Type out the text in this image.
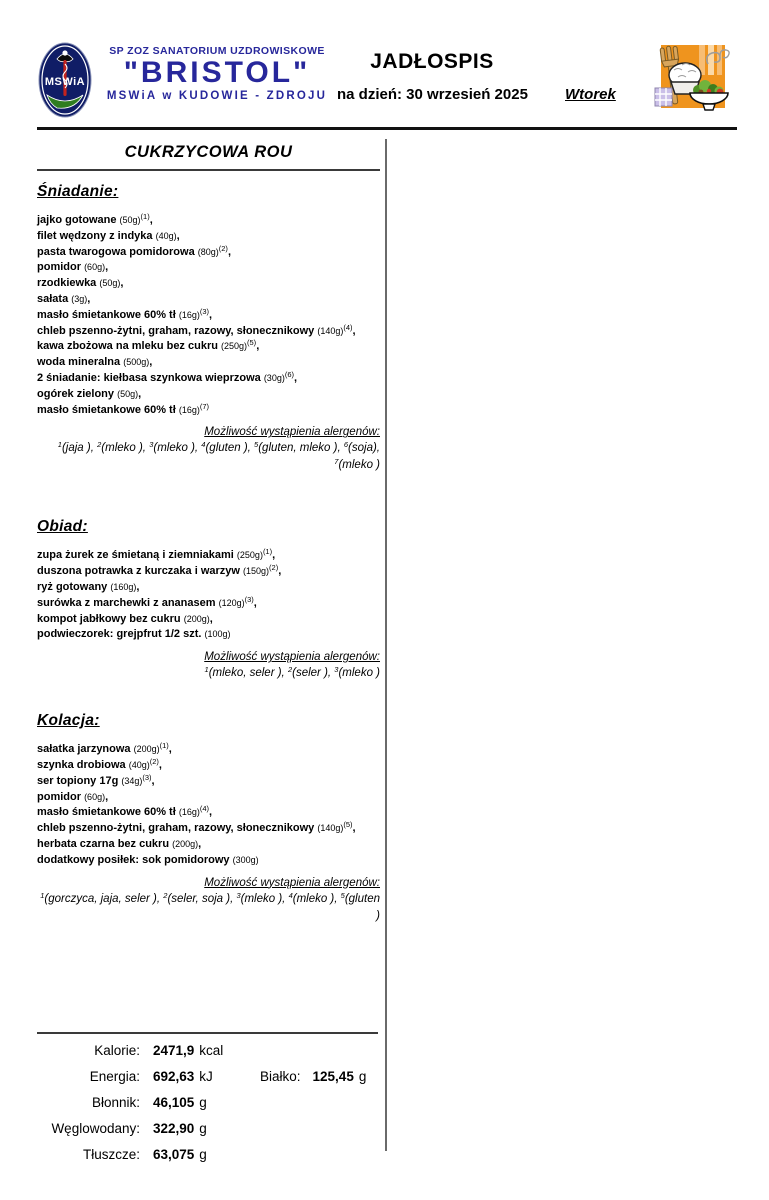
MSWiA
SP ZOZ SANATORIUM UZDROWISKOWE
"BRISTOL"
MSWiA w KUDOWIE - ZDROJU
JADŁOSPIS
na dzień: 30 wrzesień 2025 Wtorek
CUKRZYCOWA ROU
Śniadanie:
jajko gotowane $(50g)^{(1)}$,
filet wędzony z indyka (40g),
pasta twarogowa pomidorowa $(80g)^{(2)}$,
pomidor (60g),
rzodkiewka (50g),
sałata (3g),
masło śmietankowe 60% tł $(16g)^{(3)}$,
chleb pszenno-żytni, graham, razowy, słonecznikowy $(140g)^{(4)}$,
kawa zbożowa na mleku bez cukru $(250g)^{(5)}$,
woda mineralna (500g),
2 śniadanie: kiełbasa szynkowa wieprzowa $(30g)^{(6)}$,
ogórek zielony (50g),
masło śmietankowe 60% tł $(16g)^{(7)}$
Możliwość wystąpienia alergenów:
$^1$(jaja ), $^2$(mleko ), $^3$(mleko ), $^4$(gluten ), $^5$(gluten, mleko ), $^6$(soja), $^7$(mleko )
Obiad:
zupa żurek ze śmietaną i ziemniakami $(250g)^{(1)}$,
duszona potrawka z kurczaka i warzyw $(150g)^{(2)}$,
ryż gotowany (160g),
surówka z marchewki z ananasem $(120g)^{(3)}$,
kompot jabłkowy bez cukru (200g),
podwieczorek: grejpfrut 1/2 szt. (100g)
Możliwość wystąpienia alergenów:
$^1$(mleko, seler ), $^2$(seler ), $^3$(mleko )
Kolacja:
sałatka jarzynowa $(200g)^{(1)}$,
szynka drobiowa $(40g)^{(2)}$,
ser topiony 17g $(34g)^{(3)}$,
pomidor (60g),
masło śmietankowe 60% tł $(16g)^{(4)}$,
chleb pszenno-żytni, graham, razowy, słonecznikowy $(140g)^{(5)}$,
herbata czarna bez cukru (200g),
dodatkowy posiłek: sok pomidorowy (300g)
Możliwość wystąpienia alergenów:
$^1$(gorczyca, jaja, seler ), $^2$(seler, soja ), $^3$(mleko ), $^4$(mleko ), $^5$(gluten )
Kalorie: 2471,9 kcal
Energia: 692,63 kJ	Białko: 125,45 g
Błonnik: 46,105 g
Węglowodany: 322,90 g
Tłuszcze: 63,075 g
